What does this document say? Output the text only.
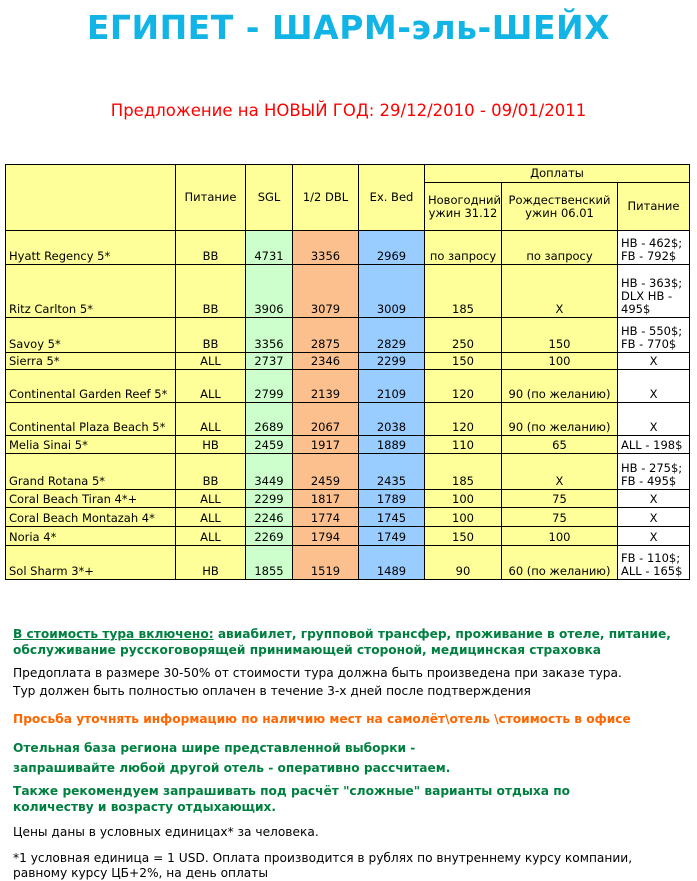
ЕГИПЕТ - ШАРМ-эль-ШЕЙХ
Предложение на НОВЫЙ ГОД: 29/12/2010 - 09/01/2011
	Питание	SGL	1/2 DBL	Ex. Bed	Доплаты		
					Новогодний ужин 31.12	Рождественский ужин 06.01	Питание
Hyatt Regency 5*	BB	4731	3356	2969	по запросу	по запросу	HB - 462$; FB - 792$
Ritz Carlton 5*	BB	3906	3079	3009	185	X	HB - 363$; DLX HB - 495$
Savoy 5*	BB	3356	2875	2829	250	150	HB - 550$; FB - 770$
Sierra 5*	ALL	2737	2346	2299	150	100	X
Continental Garden Reef 5*	ALL	2799	2139	2109	120	90 (по желанию)	X
Continental Plaza Beach 5*	ALL	2689	2067	2038	120	90 (по желанию)	X
Melia Sinai 5*	HB	2459	1917	1889	110	65	ALL - 198$
Grand Rotana 5*	BB	3449	2459	2435	185	X	HB - 275$; FB - 495$
Coral Beach Tiran 4*+	ALL	2299	1817	1789	100	75	X
Coral Beach Montazah 4*	ALL	2246	1774	1745	100	75	X
Noria 4*	ALL	2269	1794	1749	150	100	X
Sol Sharm 3*+	HB	1855	1519	1489	90	60 (по желанию)	FB - 110$; ALL - 165$
В стоимость тура включено: авиабилет, групповой трансфер, проживание в отеле, питание, обслуживание русскоговорящей принимающей стороной, медицинская страховка
Предоплата в размере 30-50% от стоимости тура должна быть произведена при заказе тура.
Тур должен быть полностью оплачен в течение 3-х дней после подтверждения
Просьба уточнять информацию по наличию мест на самолёт\отель \стоимость в офисе
Отельная база региона шире представленной выборки -
запрашивайте любой другой отель - оперативно рассчитаем.
Также рекомендуем запрашивать под расчёт "сложные" варианты отдыха по количеству и возрасту отдыхающих.
Цены даны в условных единицах* за человека.
*1 условная единица = 1 USD. Оплата производится в рублях по внутреннему курсу компании, равному курсу ЦБ+2%, на день оплаты
